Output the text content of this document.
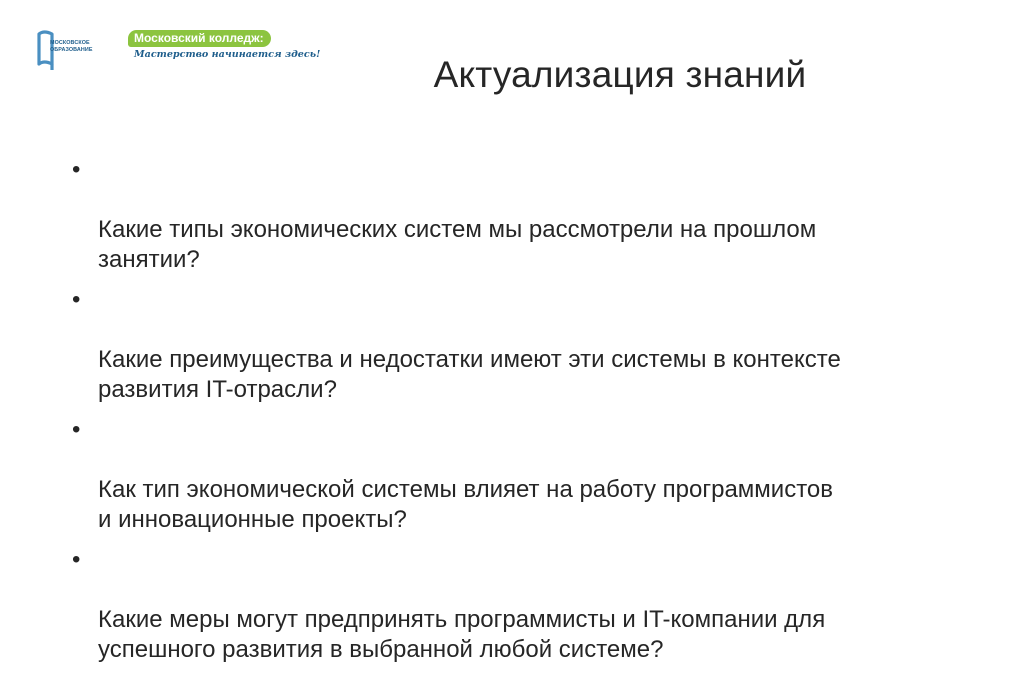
МОСКОВСКОЕ
ОБРАЗОВАНИЕ
Московский колледж:
Мастерство начинается здесь!	Актуализация знаний

•

Какие типы экономических систем мы рассмотрели на прошлом
занятии?

•

Какие преимущества и недостатки имеют эти системы в контексте
развития IT-отрасли?

•

Как тип экономической системы влияет на работу программистов
и инновационные проекты?

•

Какие меры могут предпринять программисты и IT-компании для
успешного развития в выбранной любой системе?
